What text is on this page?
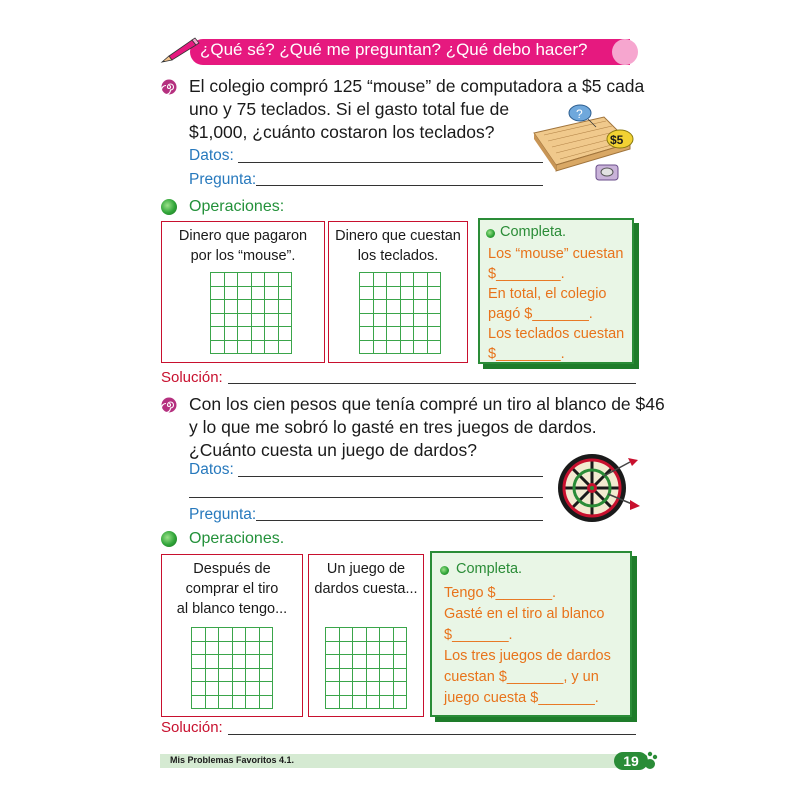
¿Qué sé? ¿Qué me preguntan? ¿Qué debo hacer?
El colegio compró 125 “mouse” de computadora a $5 cada
uno y 75 teclados. Si el gasto total fue de
$1,000, ¿cuánto costaron los teclados?
Datos:
Pregunta:
?
$5
Operaciones:
Dinero que pagaron
por los “mouse”.
Dinero que cuestan
los teclados.
Completa.
Los “mouse” cuestan
$________.
En total, el colegio
pagó $_______.
Los teclados cuestan
$________.
Solución:
Con los cien pesos que tenía compré un tiro al blanco de $46
y lo que me sobró lo gasté en tres juegos de dardos.
¿Cuánto cuesta un juego de dardos?
Datos:
Pregunta:
Operaciones.
Después de
comprar el tiro
al blanco tengo...
Un juego de
dardos cuesta...
Completa.
Tengo $_______.
Gasté en el tiro al blanco
$_______.
Los tres juegos de dardos
cuestan $_______, y un
juego cuesta $_______.
Solución:
Mis Problemas Favoritos 4.1.	19
